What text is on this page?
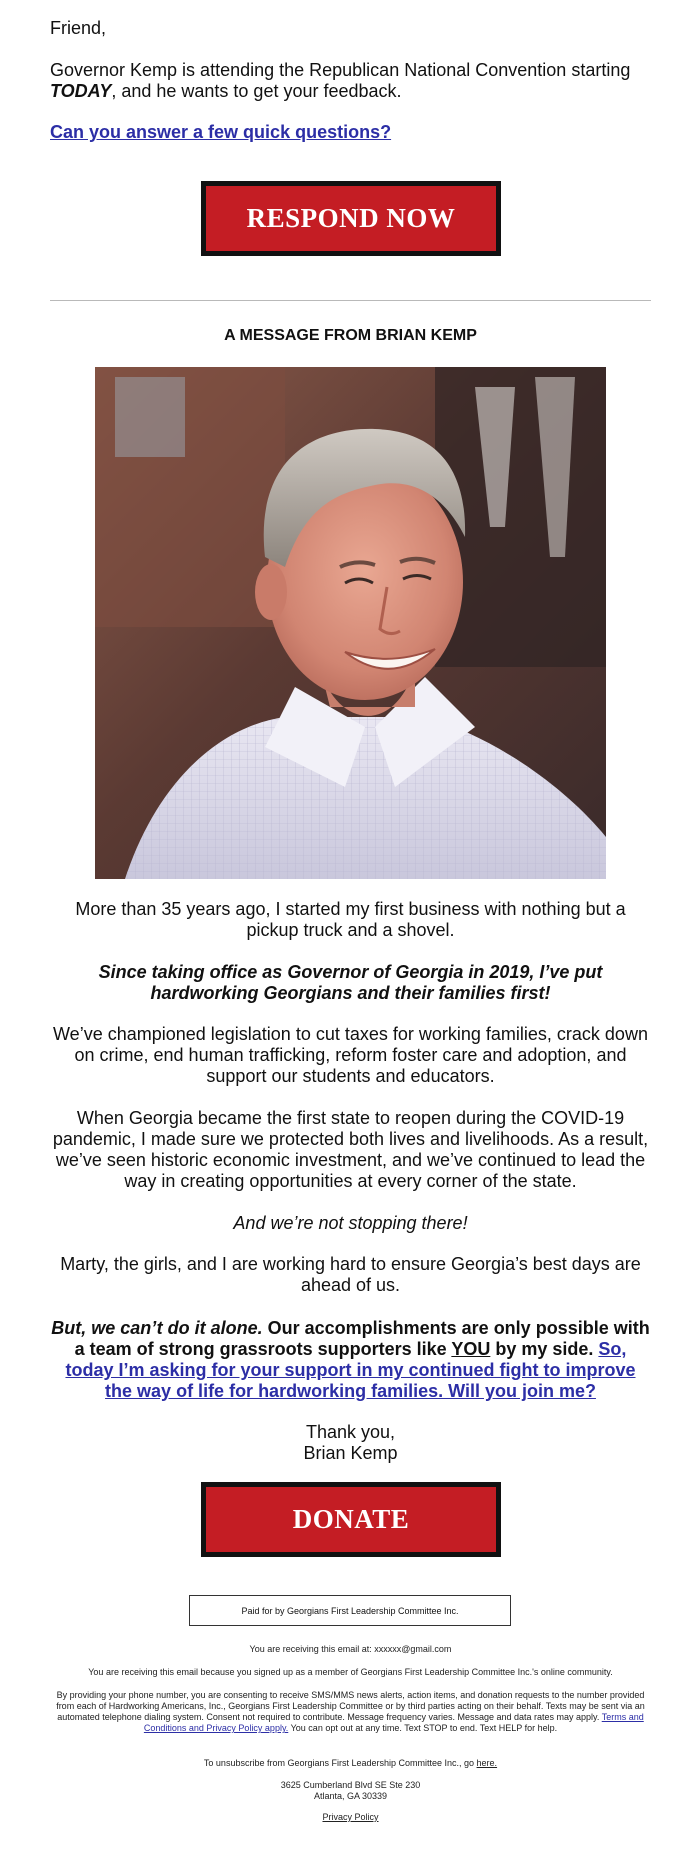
Friend,

Governor Kemp is attending the Republican National Convention starting TODAY, and he wants to get your feedback.

Can you answer a few quick questions?
RESPOND NOW
A MESSAGE FROM BRIAN KEMP

More than 35 years ago, I started my first business with nothing but a pickup truck and a shovel.

Since taking office as Governor of Georgia in 2019, I’ve put hardworking Georgians and their families first!

We’ve championed legislation to cut taxes for working families, crack down on crime, end human trafficking, reform foster care and adoption, and support our students and educators.

When Georgia became the first state to reopen during the COVID-19 pandemic, I made sure we protected both lives and livelihoods. As a result, we’ve seen historic economic investment, and we’ve continued to lead the way in creating opportunities at every corner of the state.

And we’re not stopping there!

Marty, the girls, and I are working hard to ensure Georgia’s best days are ahead of us.

But, we can’t do it alone. Our accomplishments are only possible with a team of strong grassroots supporters like YOU by my side. So, today I’m asking for your support in my continued fight to improve the way of life for hardworking families. Will you join me?

Thank you,
Brian Kemp

DONATE
Paid for by Georgians First Leadership Committee Inc.

You are receiving this email at: xxxxxx@gmail.com

You are receiving this email because you signed up as a member of Georgians First Leadership Committee Inc.'s online community.

By providing your phone number, you are consenting to receive SMS/MMS news alerts, action items, and donation requests to the number provided from each of Hardworking Americans, Inc., Georgians First Leadership Committee or by third parties acting on their behalf. Texts may be sent via an automated telephone dialing system. Consent not required to contribute. Message frequency varies. Message and data rates may apply. Terms and Conditions and Privacy Policy apply. You can opt out at any time. Text STOP to end. Text HELP for help.

To unsubscribe from Georgians First Leadership Committee Inc., go here.

3625 Cumberland Blvd SE Ste 230
Atlanta, GA 30339

Privacy Policy
